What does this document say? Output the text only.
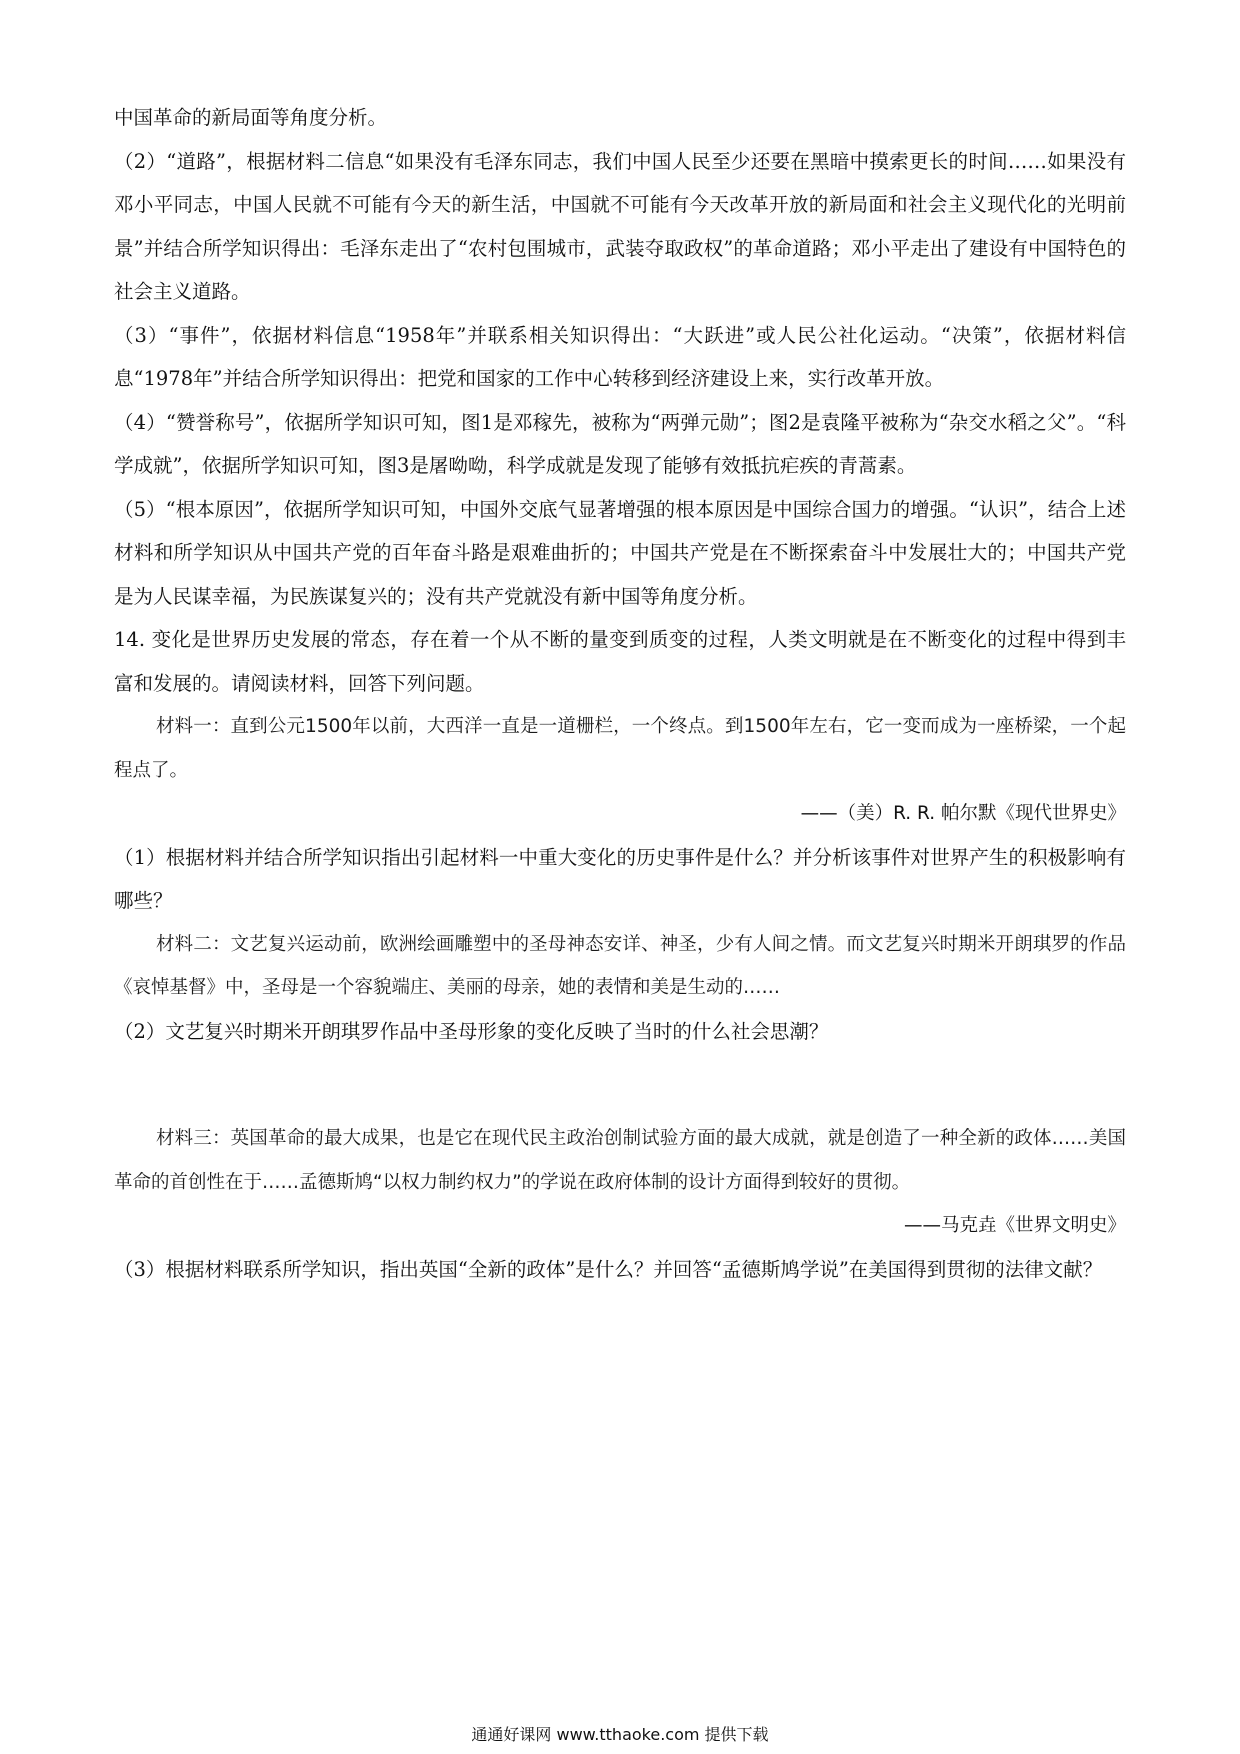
中国革命的新局面等角度分析。

（2）“道路”，根据材料二信息“如果没有毛泽东同志，我们中国人民至少还要在黑暗中摸索更长的时间……如果没有邓小平同志，中国人民就不可能有今天的新生活，中国就不可能有今天改革开放的新局面和社会主义现代化的光明前景”并结合所学知识得出：毛泽东走出了“农村包围城市，武装夺取政权”的革命道路；邓小平走出了建设有中国特色的社会主义道路。

（3）“事件”，依据材料信息“1958年”并联系相关知识得出：“大跃进”或人民公社化运动。“决策”，依据材料信息“1978年”并结合所学知识得出：把党和国家的工作中心转移到经济建设上来，实行改革开放。

（4）“赞誉称号”，依据所学知识可知，图1是邓稼先，被称为“两弹元勋”；图2是袁隆平被称为“杂交水稻之父”。“科学成就”，依据所学知识可知，图3是屠呦呦，科学成就是发现了能够有效抵抗疟疾的青蒿素。

（5）“根本原因”，依据所学知识可知，中国外交底气显著增强的根本原因是中国综合国力的增强。“认识”，结合上述材料和所学知识从中国共产党的百年奋斗路是艰难曲折的；中国共产党是在不断探索奋斗中发展壮大的；中国共产党是为人民谋幸福，为民族谋复兴的；没有共产党就没有新中国等角度分析。

14. 变化是世界历史发展的常态，存在着一个从不断的量变到质变的过程，人类文明就是在不断变化的过程中得到丰富和发展的。请阅读材料，回答下列问题。

材料一：直到公元1500年以前，大西洋一直是一道栅栏，一个终点。到1500年左右，它一变而成为一座桥梁，一个起程点了。

——（美）R. R. 帕尔默《现代世界史》

（1）根据材料并结合所学知识指出引起材料一中重大变化的历史事件是什么？并分析该事件对世界产生的积极影响有哪些？

材料二：文艺复兴运动前，欧洲绘画雕塑中的圣母神态安详、神圣，少有人间之情。而文艺复兴时期米开朗琪罗的作品《哀悼基督》中，圣母是一个容貌端庄、美丽的母亲，她的表情和美是生动的……

（2）文艺复兴时期米开朗琪罗作品中圣母形象的变化反映了当时的什么社会思潮？

材料三：英国革命的最大成果，也是它在现代民主政治创制试验方面的最大成就，就是创造了一种全新的政体……美国革命的首创性在于……孟德斯鸠“以权力制约权力”的学说在政府体制的设计方面得到较好的贯彻。

——马克垚《世界文明史》

（3）根据材料联系所学知识，指出英国“全新的政体”是什么？并回答“孟德斯鸠学说”在美国得到贯彻的法律文献？

通通好课网 www.tthaoke.com 提供下载
